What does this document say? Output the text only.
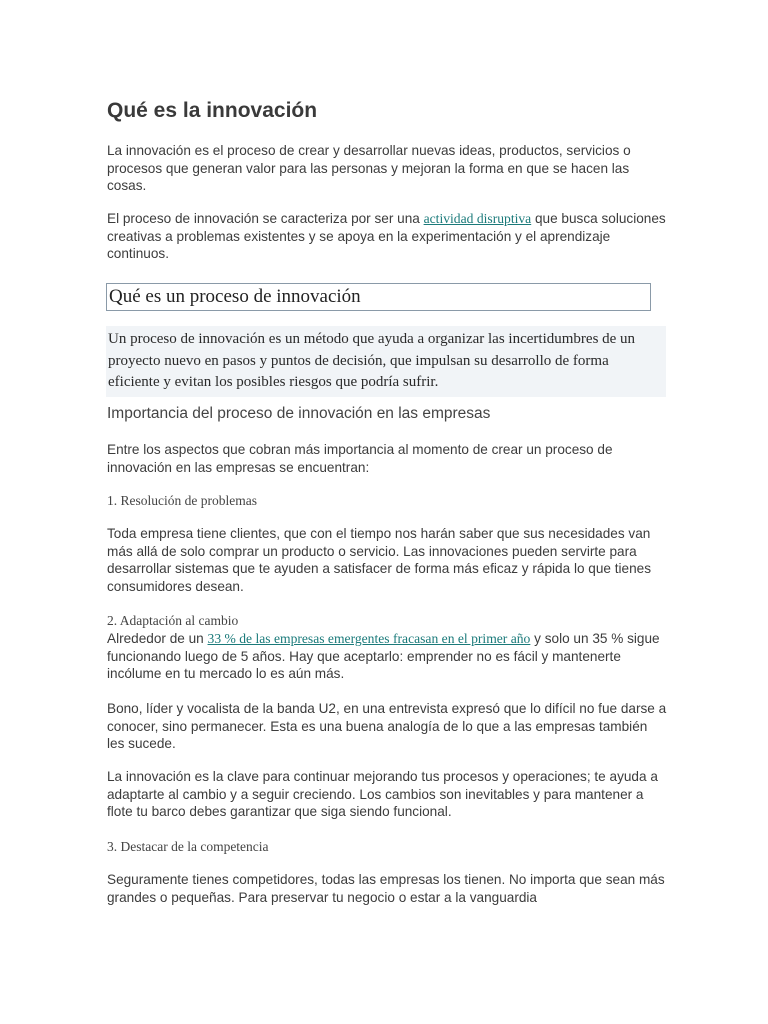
Qué es la innovación

La innovación es el proceso de crear y desarrollar nuevas ideas, productos, servicios o procesos que generan valor para las personas y mejoran la forma en que se hacen las cosas.

El proceso de innovación se caracteriza por ser una actividad disruptiva que busca soluciones creativas a problemas existentes y se apoya en la experimentación y el aprendizaje continuos.

Qué es un proceso de innovación
Un proceso de innovación es un método que ayuda a organizar las incertidumbres de un proyecto nuevo en pasos y puntos de decisión, que impulsan su desarrollo de forma eficiente y evitan los posibles riesgos que podría sufrir.
Importancia del proceso de innovación en las empresas

Entre los aspectos que cobran más importancia al momento de crear un proceso de innovación en las empresas se encuentran:

1. Resolución de problemas

Toda empresa tiene clientes, que con el tiempo nos harán saber que sus necesidades van más allá de solo comprar un producto o servicio. Las innovaciones pueden servirte para desarrollar sistemas que te ayuden a satisfacer de forma más eficaz y rápida lo que tienes consumidores desean.

2. Adaptación al cambio

Alrededor de un 33 % de las empresas emergentes fracasan en el primer año y solo un 35 % sigue funcionando luego de 5 años. Hay que aceptarlo: emprender no es fácil y mantenerte incólume en tu mercado lo es aún más.

Bono, líder y vocalista de la banda U2, en una entrevista expresó que lo difícil no fue darse a conocer, sino permanecer. Esta es una buena analogía de lo que a las empresas también les sucede.

La innovación es la clave para continuar mejorando tus procesos y operaciones; te ayuda a adaptarte al cambio y a seguir creciendo. Los cambios son inevitables y para mantener a flote tu barco debes garantizar que siga siendo funcional.

3. Destacar de la competencia

Seguramente tienes competidores, todas las empresas los tienen. No importa que sean más grandes o pequeñas. Para preservar tu negocio o estar a la vanguardia
